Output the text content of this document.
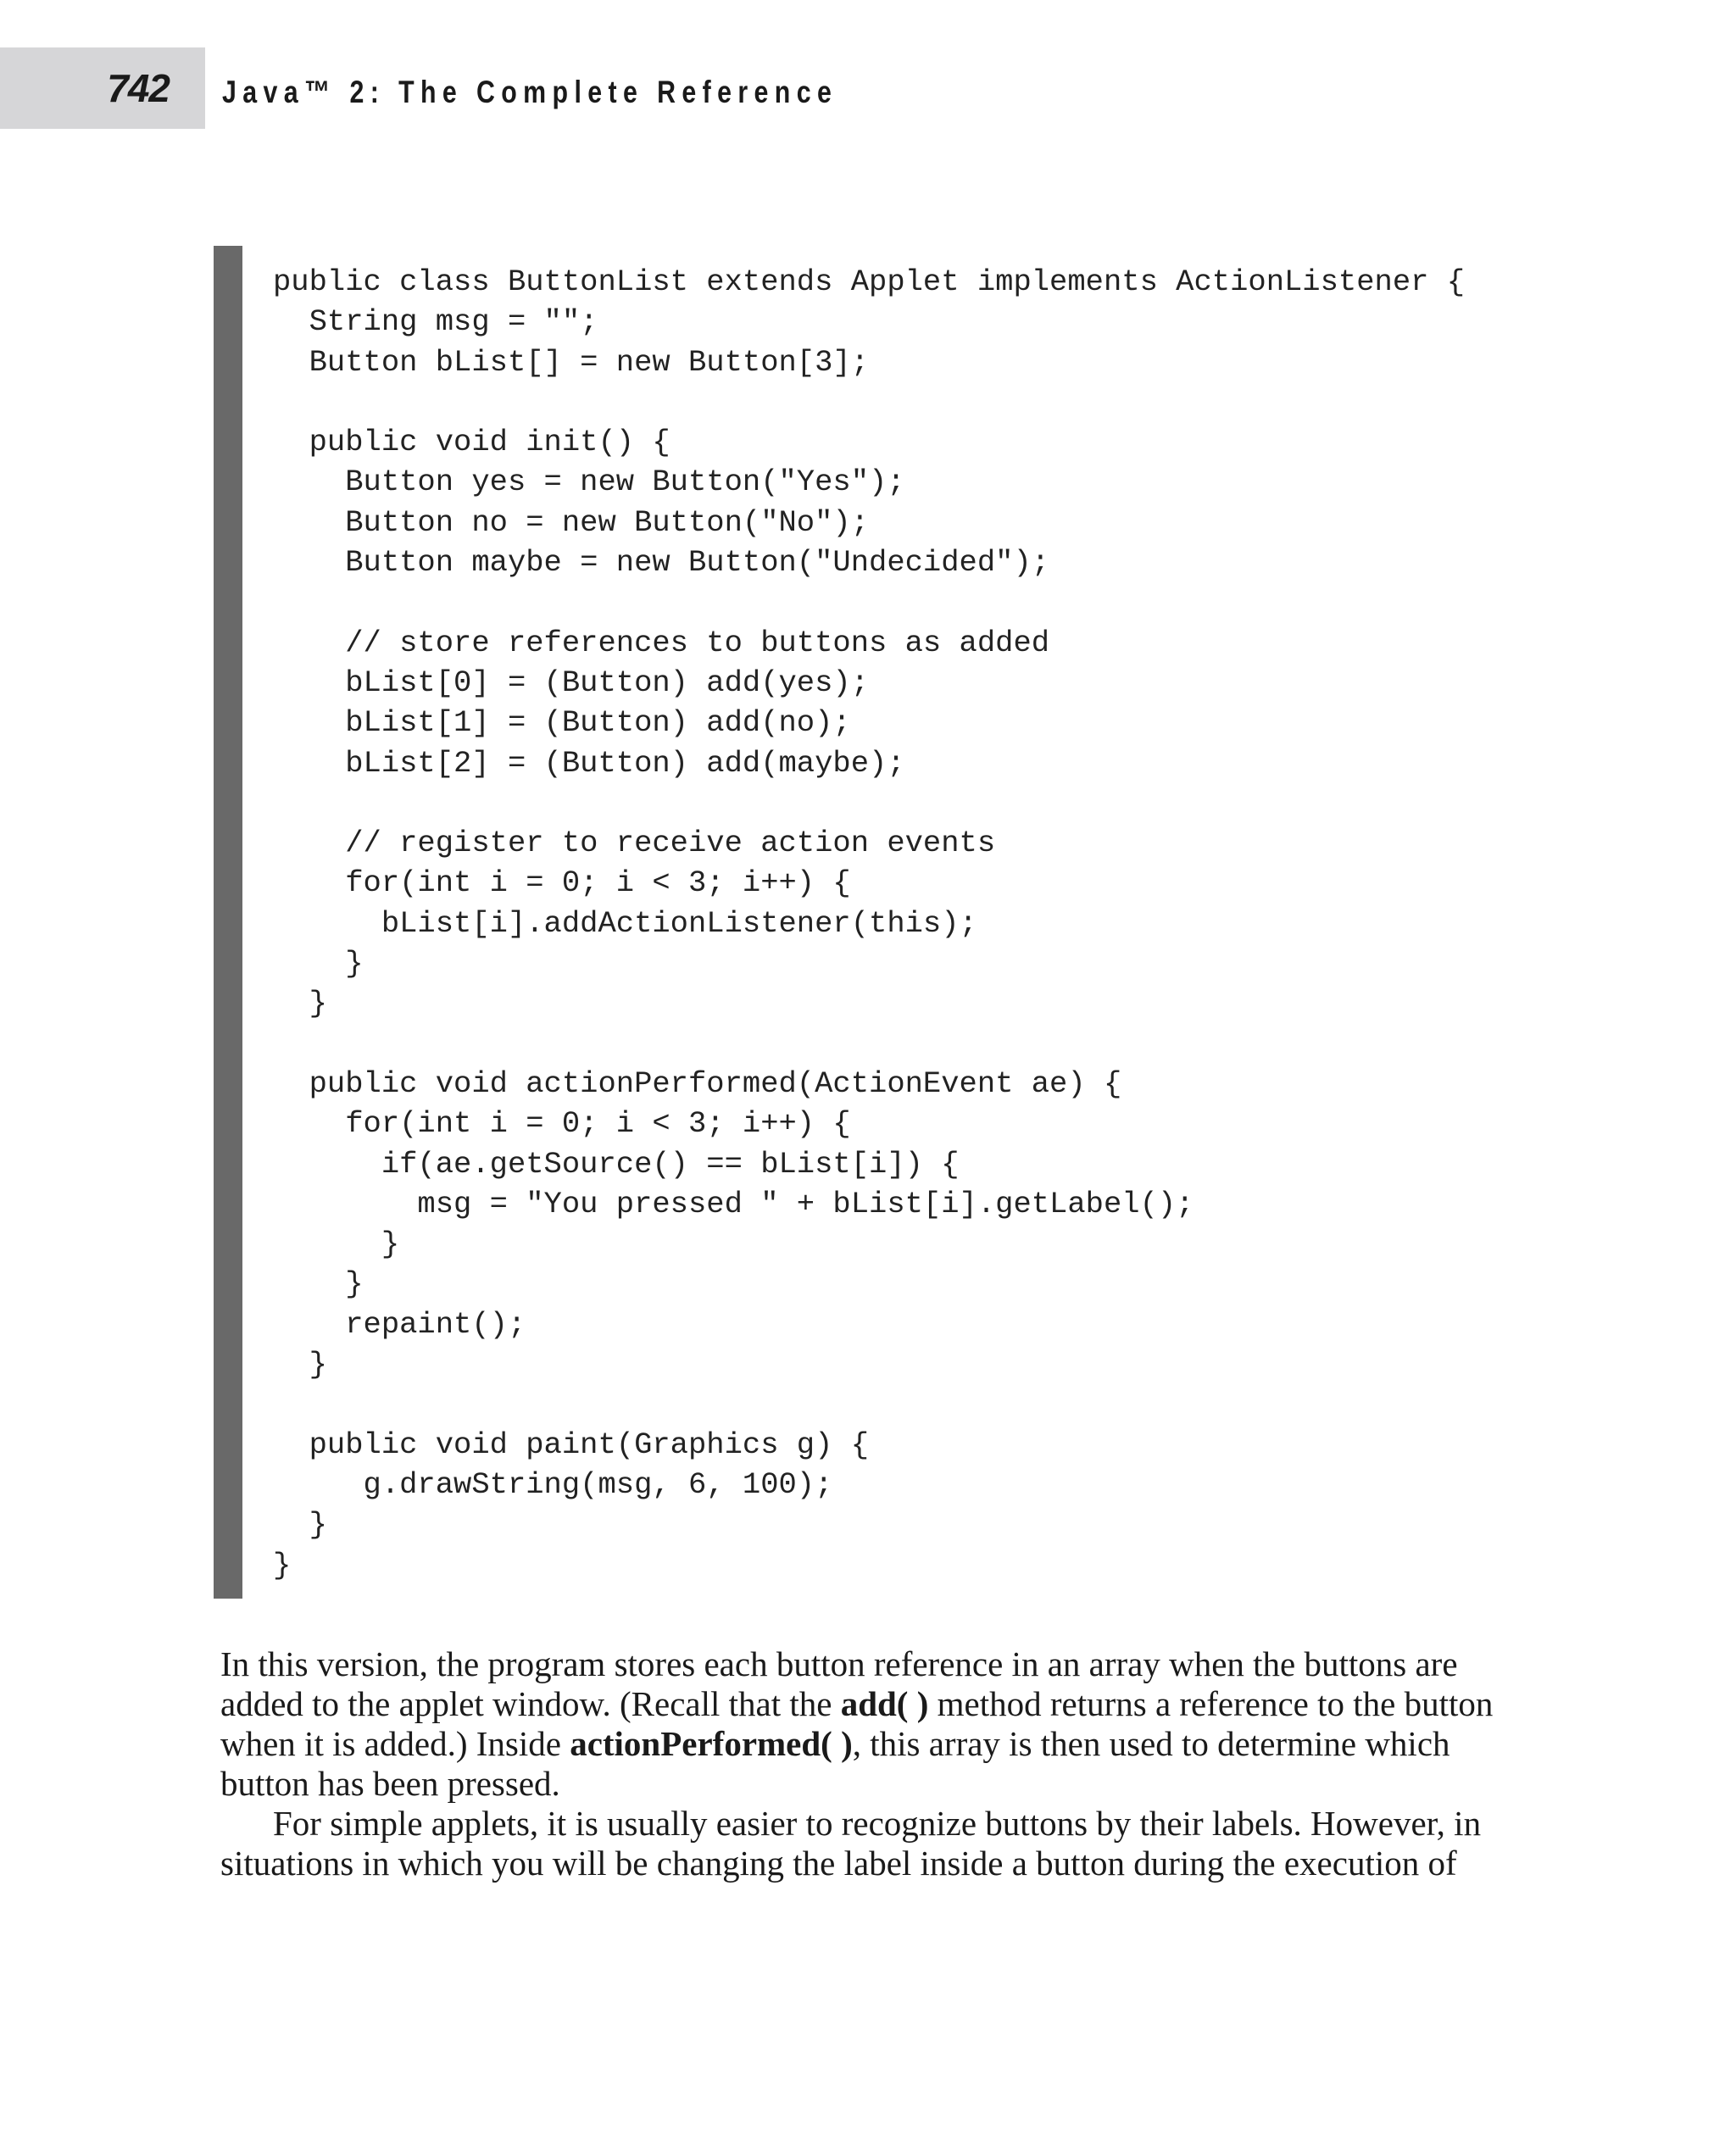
742 Java™ 2: The Complete Reference
public class ButtonList extends Applet implements ActionListener {
String msg = "";
Button bList[] = new Button[3];

public void init() {
Button yes = new Button("Yes");
Button no = new Button("No");
Button maybe = new Button("Undecided");

// store references to buttons as added
bList[0] = (Button) add(yes);
bList[1] = (Button) add(no);
bList[2] = (Button) add(maybe);

// register to receive action events
for(int i = 0; i < 3; i++) {
bList[i].addActionListener(this);
}
}

public void actionPerformed(ActionEvent ae) {
for(int i = 0; i < 3; i++) {
if(ae.getSource() == bList[i]) {
msg = "You pressed " + bList[i].getLabel();
}
}
repaint();
}

public void paint(Graphics g) {
g.drawString(msg, 6, 100);
}
}

In this version, the program stores each button reference in an array when the buttons are added to the applet window. (Recall that the add( ) method returns a reference to the button when it is added.) Inside actionPerformed( ), this array is then used to determine which button has been pressed.

For simple applets, it is usually easier to recognize buttons by their labels. However, in situations in which you will be changing the label inside a button during the execution of
